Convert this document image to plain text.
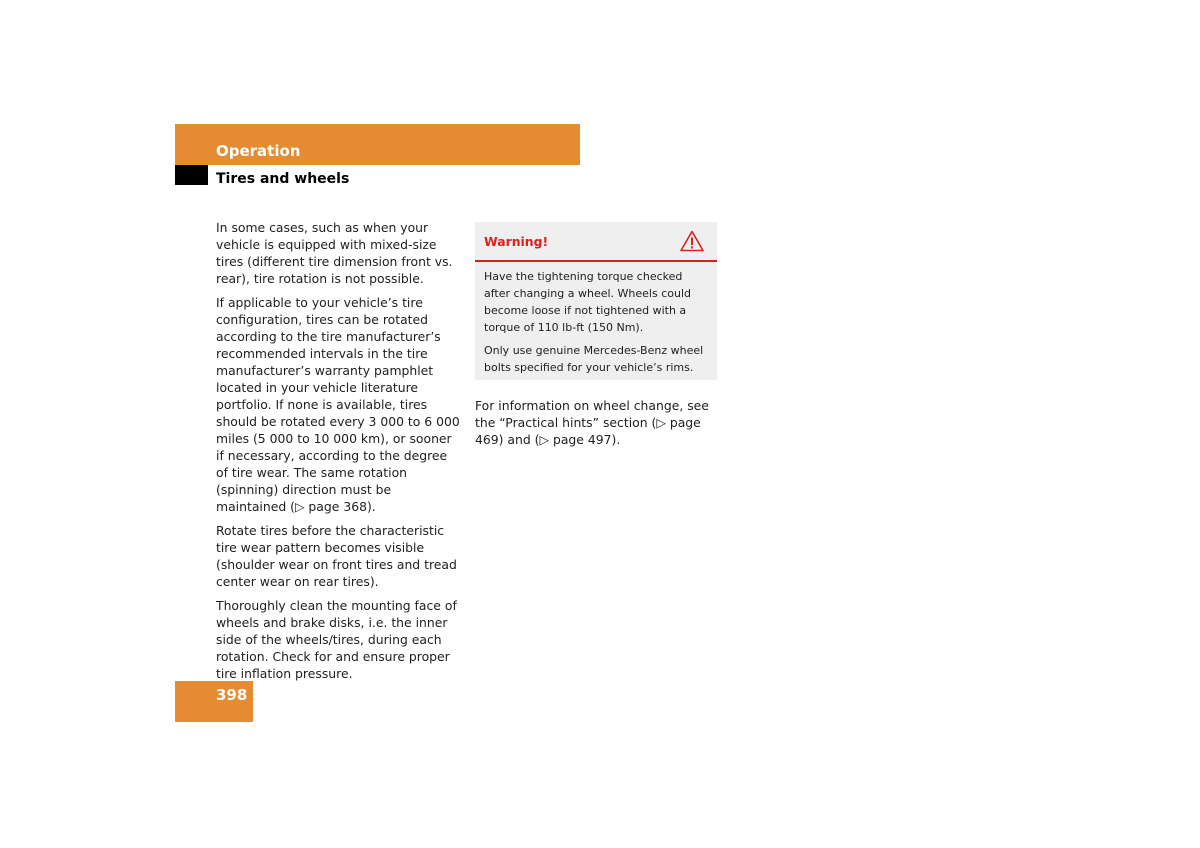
Operation
Tires and wheels

In some cases, such as when your vehicle is equipped with mixed-size tires (different tire dimension front vs. rear), tire rotation is not possible.

If applicable to your vehicle’s tire configuration, tires can be rotated according to the tire manufacturer’s recommended intervals in the tire manufacturer’s warranty pamphlet located in your vehicle literature portfolio. If none is available, tires should be rotated every 3 000 to 6 000 miles (5 000 to 10 000 km), or sooner if necessary, according to the degree of tire wear. The same rotation (spinning) direction must be maintained (▷ page 368).

Rotate tires before the characteristic tire wear pattern becomes visible (shoulder wear on front tires and tread center wear on rear tires).

Thoroughly clean the mounting face of wheels and brake disks, i.e. the inner side of the wheels/tires, during each rotation. Check for and ensure proper tire inflation pressure.

Warning!

Have the tightening torque checked after changing a wheel. Wheels could become loose if not tightened with a torque of 110 lb-ft (150 Nm).

Only use genuine Mercedes-Benz wheel bolts specified for your vehicle’s rims.

For information on wheel change, see the “Practical hints” section (▷ page 469) and (▷ page 497).
398
